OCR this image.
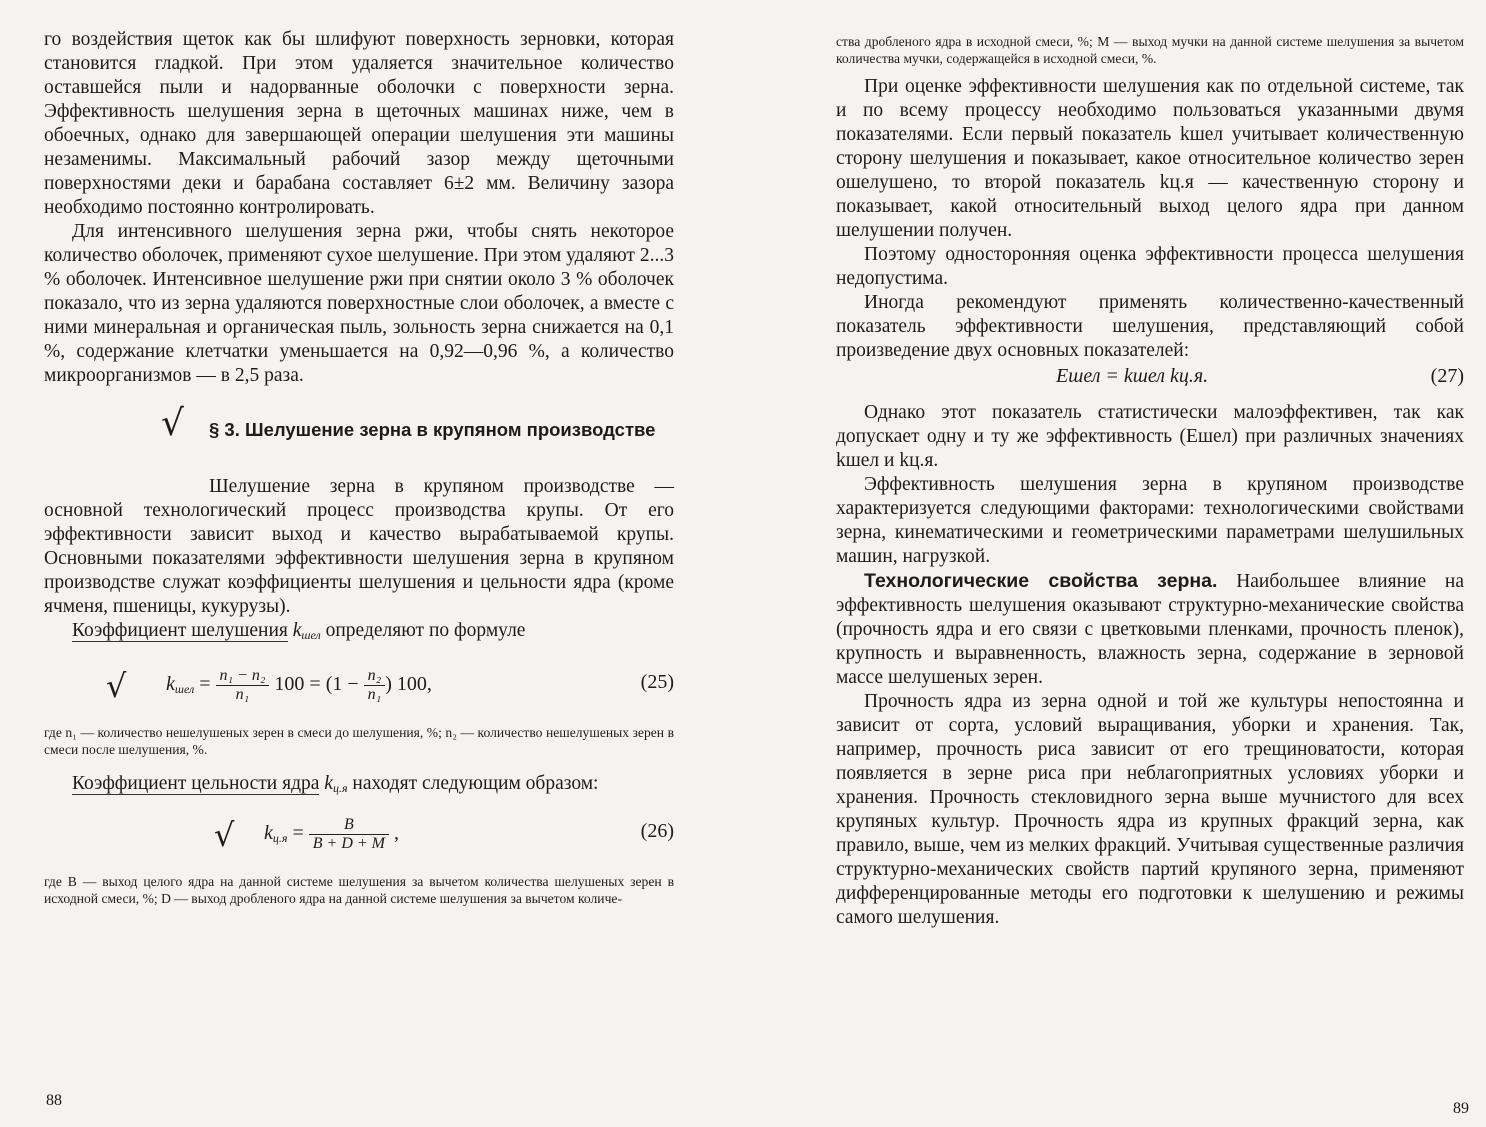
го воздействия щеток как бы шлифуют поверхность зерновки, которая становится гладкой. При этом удаляется значительное количество оставшейся пыли и надорванные оболочки с поверхности зерна. Эффективность шелушения зерна в щеточных машинах ниже, чем в обоечных, однако для завершающей операции шелушения эти машины незаменимы. Максимальный рабочий зазор между щеточными поверхностями деки и барабана составляет 6±2 мм. Величину зазора необходимо постоянно контролировать.

Для интенсивного шелушения зерна ржи, чтобы снять некоторое количество оболочек, применяют сухое шелушение. При этом удаляют 2...3 % оболочек. Интенсивное шелушение ржи при снятии около 3 % оболочек показало, что из зерна удаляются поверхностные слои оболочек, а вместе с ними минеральная и органическая пыль, зольность зерна снижается на 0,1 %, содержание клетчатки уменьшается на 0,92—0,96 %, а количество микроорганизмов — в 2,5 раза.

√ § 3. Шелушение зерна в крупяном производстве

Шелушение зерна в крупяном производстве — основной технологический процесс производства крупы. От его эффективности зависит выход и качество вырабатываемой крупы. Основными показателями эффективности шелушения зерна в крупяном производстве служат коэффициенты шелушения и цельности ядра (кроме ячменя, пшеницы, кукурузы).

Коэффициент шелушения $k_{шел}$ определяют по формуле

√ $k_{шел} = \frac{\text{n₁ − n₂}}{\text{n₁}} 100 = (1 - \frac{\text{n₂}}{\text{n₁}}$ ) 100,	(25)

где n₁ — количество нешелушеных зерен в смеси до шелушения, %; n₂ — количество нешелушеных зерен в смеси после шелушения, %.

Коэффициент цельности ядра $k_{ц.я}$ находят следующим образом:

√ $k_{ц.я} = \frac{B}{B + D + M}$ ,	(26)

где B — выход целого ядра на данной системе шелушения за вычетом количества шелушеных зерен в исходной смеси, %; D — выход дробленого ядра на данной системе шелушения за вычетом количе-

88

ства дробленого ядра в исходной смеси, %; M — выход мучки на данной системе шелушения за вычетом количества мучки, содержащейся в исходной смеси, %.

При оценке эффективности шелушения как по отдельной системе, так и по всему процессу необходимо пользоваться указанными двумя показателями. Если первый показатель kшел учитывает количественную сторону шелушения и показывает, какое относительное количество зерен ошелушено, то второй показатель kц.я — качественную сторону и показывает, какой относительный выход целого ядра при данном шелушении получен.

Поэтому односторонняя оценка эффективности процесса шелушения недопустима.

Иногда рекомендуют применять количественно-качественный показатель эффективности шелушения, представляющий собой произведение двух основных показателей:

Eшел = kшел kц.я.	(27)

Однако этот показатель статистически малоэффективен, так как допускает одну и ту же эффективность (Eшел) при различных значениях kшел и kц.я.

Эффективность шелушения зерна в крупяном производстве характеризуется следующими факторами: технологическими свойствами зерна, кинематическими и геометрическими параметрами шелушильных машин, нагрузкой.

Технологические свойства зерна. Наибольшее влияние на эффективность шелушения оказывают структурно-механические свойства (прочность ядра и его связи с цветковыми пленками, прочность пленок), крупность и выравненность, влажность зерна, содержание в зерновой массе шелушеных зерен.

Прочность ядра из зерна одной и той же культуры непостоянна и зависит от сорта, условий выращивания, уборки и хранения. Так, например, прочность риса зависит от его трещиноватости, которая появляется в зерне риса при неблагоприятных условиях уборки и хранения. Прочность стекловидного зерна выше мучнистого для всех крупяных культур. Прочность ядра из крупных фракций зерна, как правило, выше, чем из мелких фракций. Учитывая существенные различия структурно-механических свойств партий крупяного зерна, применяют дифференцированные методы его подготовки к шелушению и режимы самого шелушения.

89
